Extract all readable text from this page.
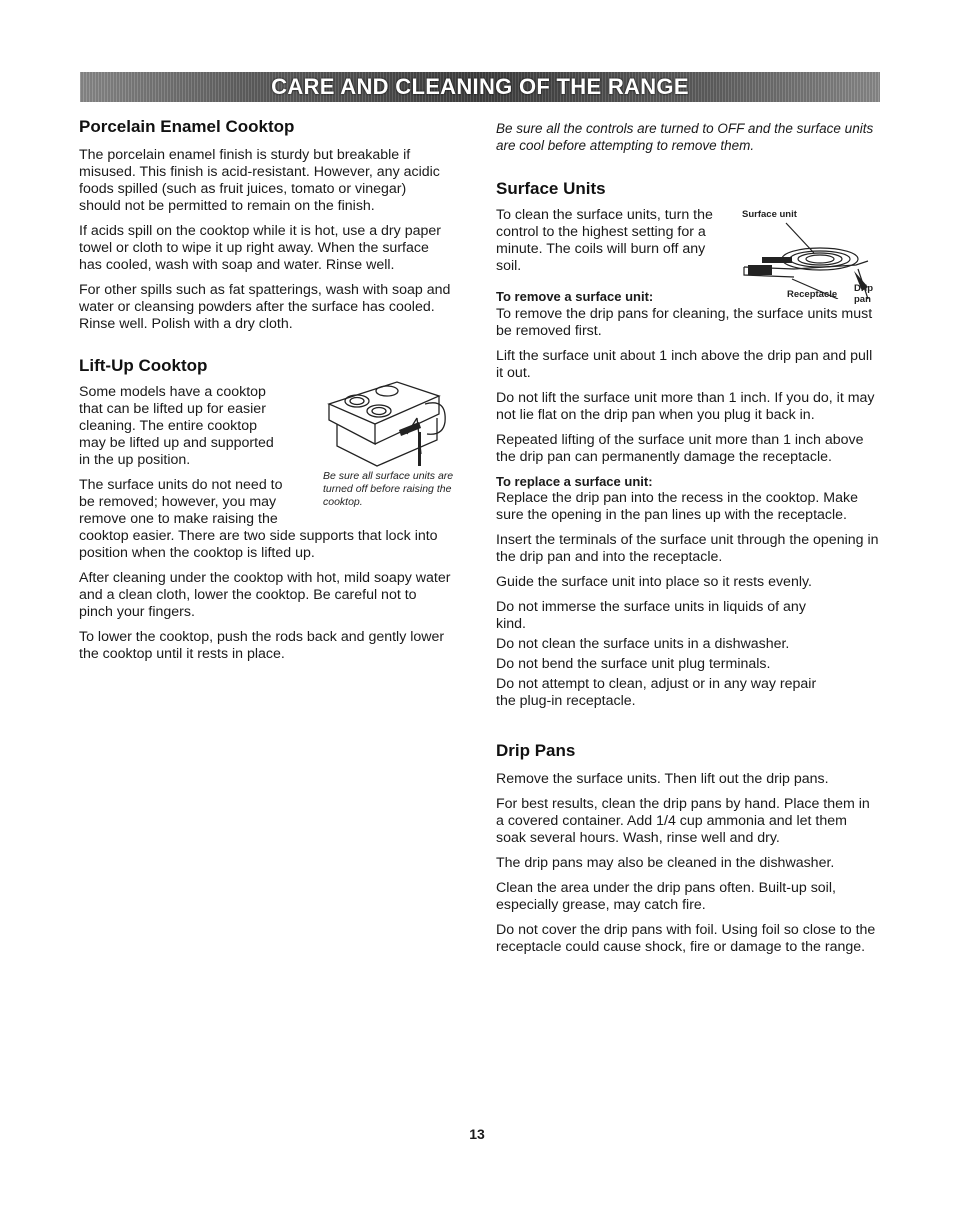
CARE AND CLEANING OF THE RANGE
Porcelain Enamel Cooktop

The porcelain enamel finish is sturdy but breakable if misused. This finish is acid-resistant. However, any acidic foods spilled (such as fruit juices, tomato or vinegar) should not be permitted to remain on the finish.

If acids spill on the cooktop while it is hot, use a dry paper towel or cloth to wipe it up right away. When the surface has cooled, wash with soap and water. Rinse well.

For other spills such as fat spatterings, wash with soap and water or cleansing powders after the surface has cooled. Rinse well. Polish with a dry cloth.

Lift-Up Cooktop

Some models have a cooktop that can be lifted up for easier cleaning. The entire cooktop may be lifted up and supported in the up position.

The surface units do not need to be removed; however, you may remove one to make raising the

Be sure all surface units are turned off before raising the cooktop.

cooktop easier. There are two side supports that lock into position when the cooktop is lifted up.

After cleaning under the cooktop with hot, mild soapy water and a clean cloth, lower the cooktop. Be careful not to pinch your fingers.

To lower the cooktop, push the rods back and gently lower the cooktop until it rests in place.

Be sure all the controls are turned to OFF and the surface units are cool before attempting to remove them.

Surface Units

To clean the surface units, turn the control to the highest setting for a minute. The coils will burn off any soil.

Surface unit
Receptacle
Drip
pan
To remove a surface unit:

To remove the drip pans for cleaning, the surface units must be removed first.

Lift the surface unit about 1 inch above the drip pan and pull it out.

Do not lift the surface unit more than 1 inch. If you do, it may not lie flat on the drip pan when you plug it back in.

Repeated lifting of the surface unit more than 1 inch above the drip pan can permanently damage the receptacle.

To replace a surface unit:

Replace the drip pan into the recess in the cooktop. Make sure the opening in the pan lines up with the receptacle.

Insert the terminals of the surface unit through the opening in the drip pan and into the receptacle.

Guide the surface unit into place so it rests evenly.

Do not immerse the surface units in liquids of any kind.

Do not clean the surface units in a dishwasher.

Do not bend the surface unit plug terminals.

Do not attempt to clean, adjust or in any way repair the plug-in receptacle.

Drip Pans

Remove the surface units. Then lift out the drip pans.

For best results, clean the drip pans by hand. Place them in a covered container. Add 1/4 cup ammonia and let them soak several hours. Wash, rinse well and dry.

The drip pans may also be cleaned in the dishwasher.

Clean the area under the drip pans often. Built-up soil, especially grease, may catch fire.

Do not cover the drip pans with foil. Using foil so close to the receptacle could cause shock, fire or damage to the range.

13
